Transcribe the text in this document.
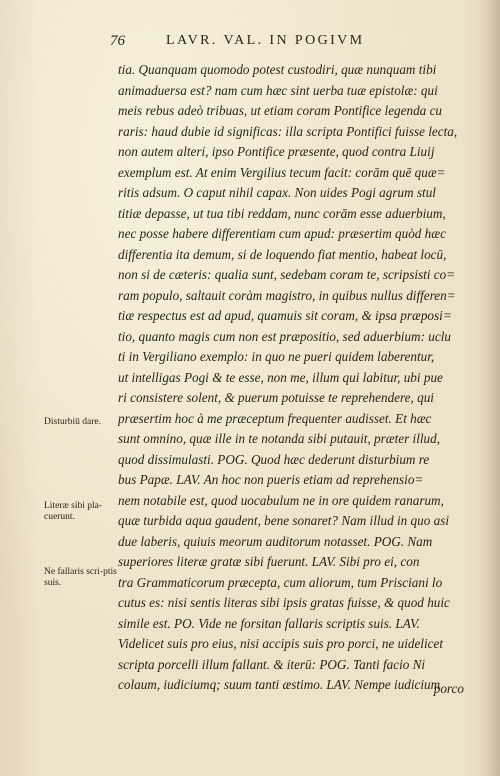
76	LAVR. VAL. IN POGIVM
tia. Quanquam quomodo potest custodiri, quæ nunquam tibi
animaduersa est? nam cum hæc sint uerba tuæ epistolæ: qui
meis rebus adeò tribuas, ut etiam coram Pontifice legenda cu
raris: haud dubie id significas: illa scripta Pontifici fuisse lecta,
non autem alteri, ipso Pontifice præsente, quod contra Liuij
exemplum est. At enim Vergilius tecum facit: corām quē quæ=
ritis adsum. O caput nihil capax. Non uides Pogi agrum stul
titiæ depasse, ut tua tibi reddam, nunc corām esse aduerbium,
nec posse habere differentiam cum apud: præsertim quòd hæc
differentia ita demum, si de loquendo fiat mentio, habeat locū,
non si de cæteris: qualia sunt, sedebam coram te, scripsisti co=
ram populo, saltauit coràm magistro, in quibus nullus differen=
tiæ respectus est ad apud, quamuis sit coram, & ipsa præposi=
tio, quanto magis cum non est præpositio, sed aduerbium: uclu
ti in Vergiliano exemplo: in quo ne pueri quidem laberentur,
ut intelligas Pogi & te esse, non me, illum qui labitur, ubi pue
ri consistere solent, & puerum potuisse te reprehendere, qui
præsertim hoc à me præceptum frequenter audisset. Et hæc
sunt omnino, quæ ille in te notanda sibi putauit, præter illud,
quod dissimulasti. POG. Quod hæc dederunt disturbium re
bus Papæ. LAV. An hoc non pueris etiam ad reprehensio=
nem notabile est, quod uocabulum ne in ore quidem ranarum,
quæ turbida aqua gaudent, bene sonaret? Nam illud in quo asi
due laberis, quiuis meorum auditorum notasset. POG. Nam
superiores literæ gratæ sibi fuerunt. LAV. Sibi pro ei, con
tra Grammaticorum præcepta, cum aliorum, tum Prisciani lo
cutus es: nisi sentis literas sibi ipsis gratas fuisse, & quod huic
simile est. PO. Vide ne forsitan fallaris scriptis suis. LAV.
Videlicet suis pro eius, nisi accipis suis pro porci, ne uidelicet
scripta porcelli illum fallant. & iterū: POG. Tanti facio Ni
colaum, iudiciumq; suum tanti æstimo. LAV. Nempe iudicium
porco
Disturbiū dare.
Literæ sibi pla-cuerunt.
Ne fallaris scri-ptis suis.
